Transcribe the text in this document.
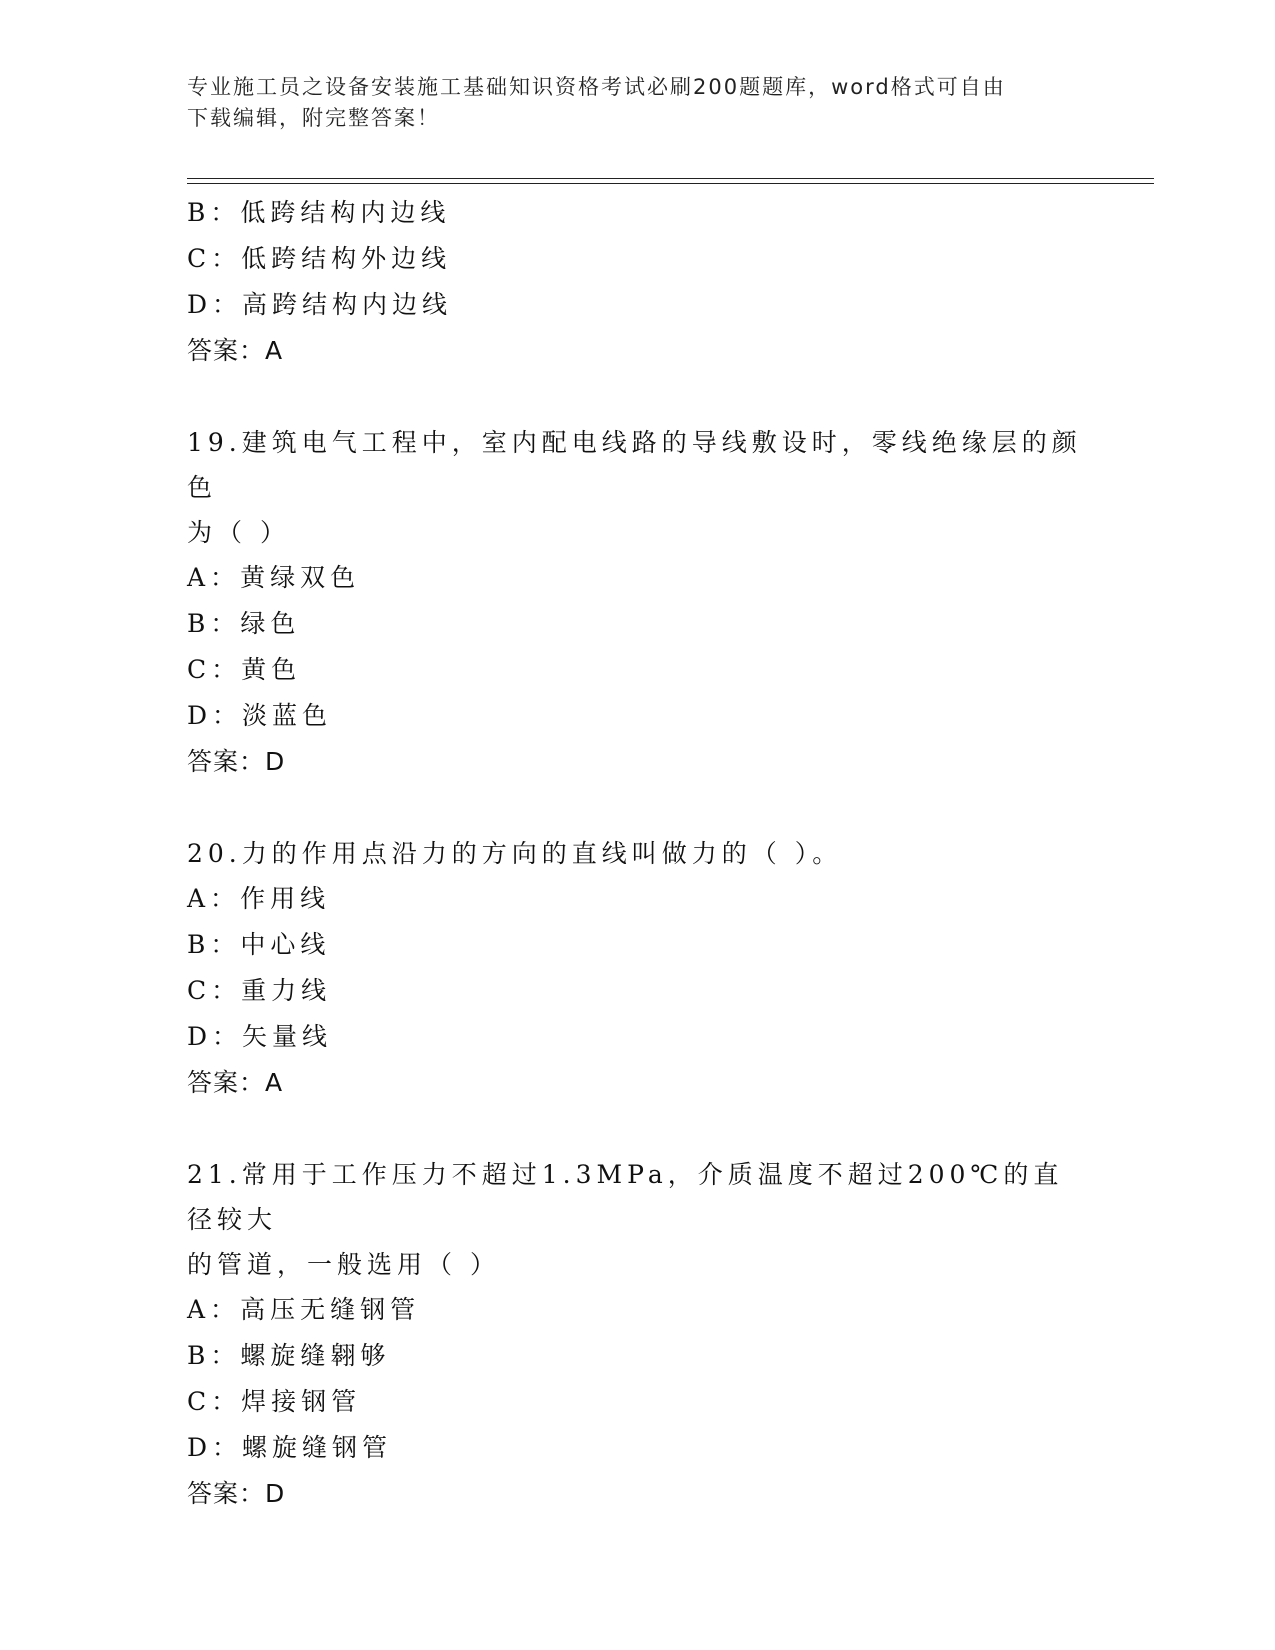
专业施工员之设备安装施工基础知识资格考试必刷200题题库，word格式可自由
下载编辑，附完整答案！
B：低跨结构内边线
C：低跨结构外边线
D：高跨结构内边线
答案：A
19.建筑电气工程中，室内配电线路的导线敷设时，零线绝缘层的颜色
为（ ）
A：黄绿双色
B：绿色
C：黄色
D：淡蓝色
答案：D
20.力的作用点沿力的方向的直线叫做力的（ ）。
A：作用线
B：中心线
C：重力线
D：矢量线
答案：A
21.常用于工作压力不超过1.3MPa，介质温度不超过200℃的直径较大
的管道，一般选用（ ）
A：高压无缝钢管
B：螺旋缝翱够
C：焊接钢管
D：螺旋缝钢管
答案：D
